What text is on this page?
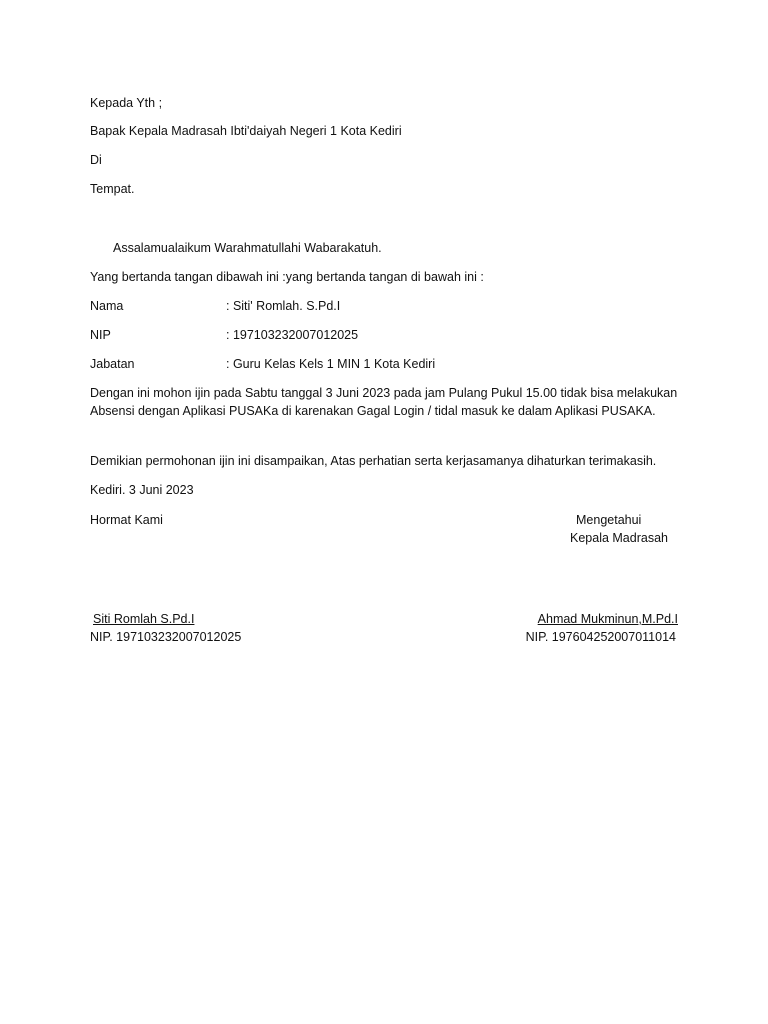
Kepada Yth ;

Bapak Kepala Madrasah Ibti'daiyah Negeri 1 Kota Kediri

Di

Tempat.

Assalamualaikum Warahmatullahi Wabarakatuh.

Yang bertanda tangan dibawah ini :yang bertanda tangan di bawah ini :

Nama	: Siti' Romlah. S.Pd.I

NIP	: 197103232007012025

Jabatan	: Guru Kelas Kels 1 MIN 1 Kota Kediri

Dengan ini mohon ijin pada Sabtu tanggal 3 Juni 2023 pada jam Pulang Pukul 15.00 tidak bisa melakukan Absensi dengan Aplikasi PUSAKa di karenakan Gagal Login / tidal masuk ke dalam Aplikasi PUSAKA.

Demikian permohonan ijin ini disampaikan, Atas perhatian serta kerjasamanya dihaturkan terimakasih.

Kediri. 3 Juni 2023

Hormat Kami	Mengetahui

Kepala Madrasah

Siti Romlah S.Pd.I

NIP. 197103232007012025

Ahmad Mukminun,M.Pd.I

NIP. 197604252007011014
